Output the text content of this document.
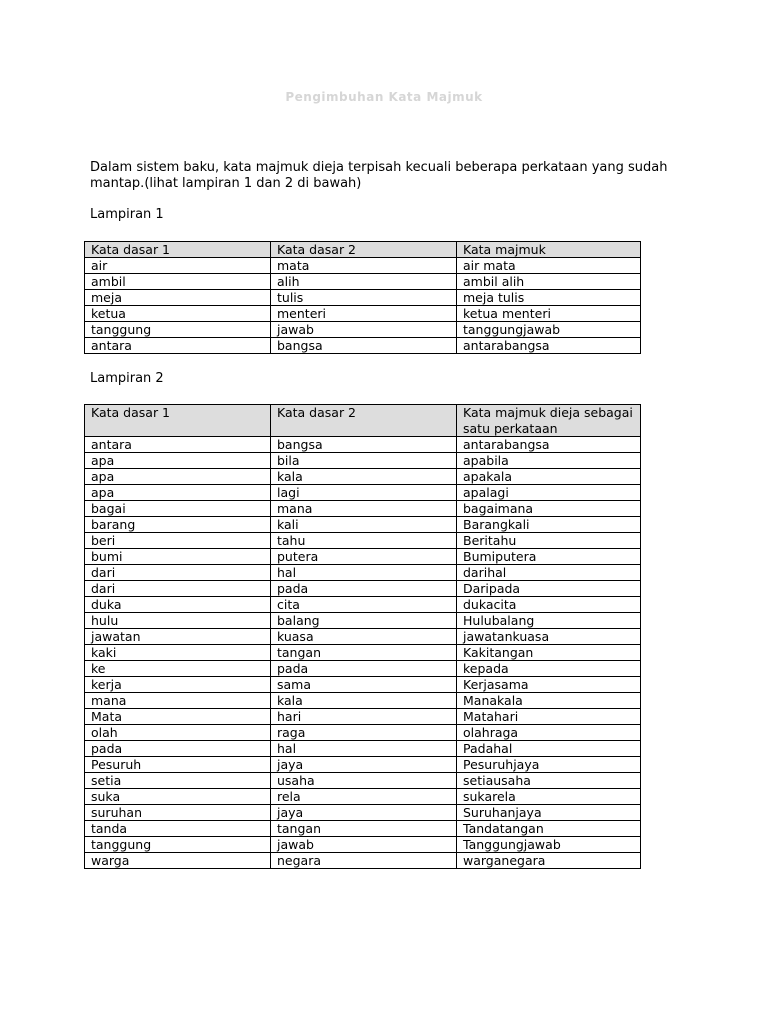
Pengimbuhan Kata Majmuk
Dalam sistem baku, kata majmuk dieja terpisah kecuali beberapa perkataan yang sudah mantap.(lihat lampiran 1 dan 2 di bawah)
Lampiran 1
Kata dasar 1	Kata dasar 2	Kata majmuk
air	mata	air mata
ambil	alih	ambil alih
meja	tulis	meja tulis
ketua	menteri	ketua menteri
tanggung	jawab	tanggungjawab
antara	bangsa	antarabangsa
Lampiran 2
Kata dasar 1	Kata dasar 2	Kata majmuk dieja sebagai satu perkataan
antara	bangsa	antarabangsa
apa	bila	apabila
apa	kala	apakala
apa	lagi	apalagi
bagai	mana	bagaimana
barang	kali	Barangkali
beri	tahu	Beritahu
bumi	putera	Bumiputera
dari	hal	darihal
dari	pada	Daripada
duka	cita	dukacita
hulu	balang	Hulubalang
jawatan	kuasa	jawatankuasa
kaki	tangan	Kakitangan
ke	pada	kepada
kerja	sama	Kerjasama
mana	kala	Manakala
Mata	hari	Matahari
olah	raga	olahraga
pada	hal	Padahal
Pesuruh	jaya	Pesuruhjaya
setia	usaha	setiausaha
suka	rela	sukarela
suruhan	jaya	Suruhanjaya
tanda	tangan	Tandatangan
tanggung	jawab	Tanggungjawab
warga	negara	warganegara
